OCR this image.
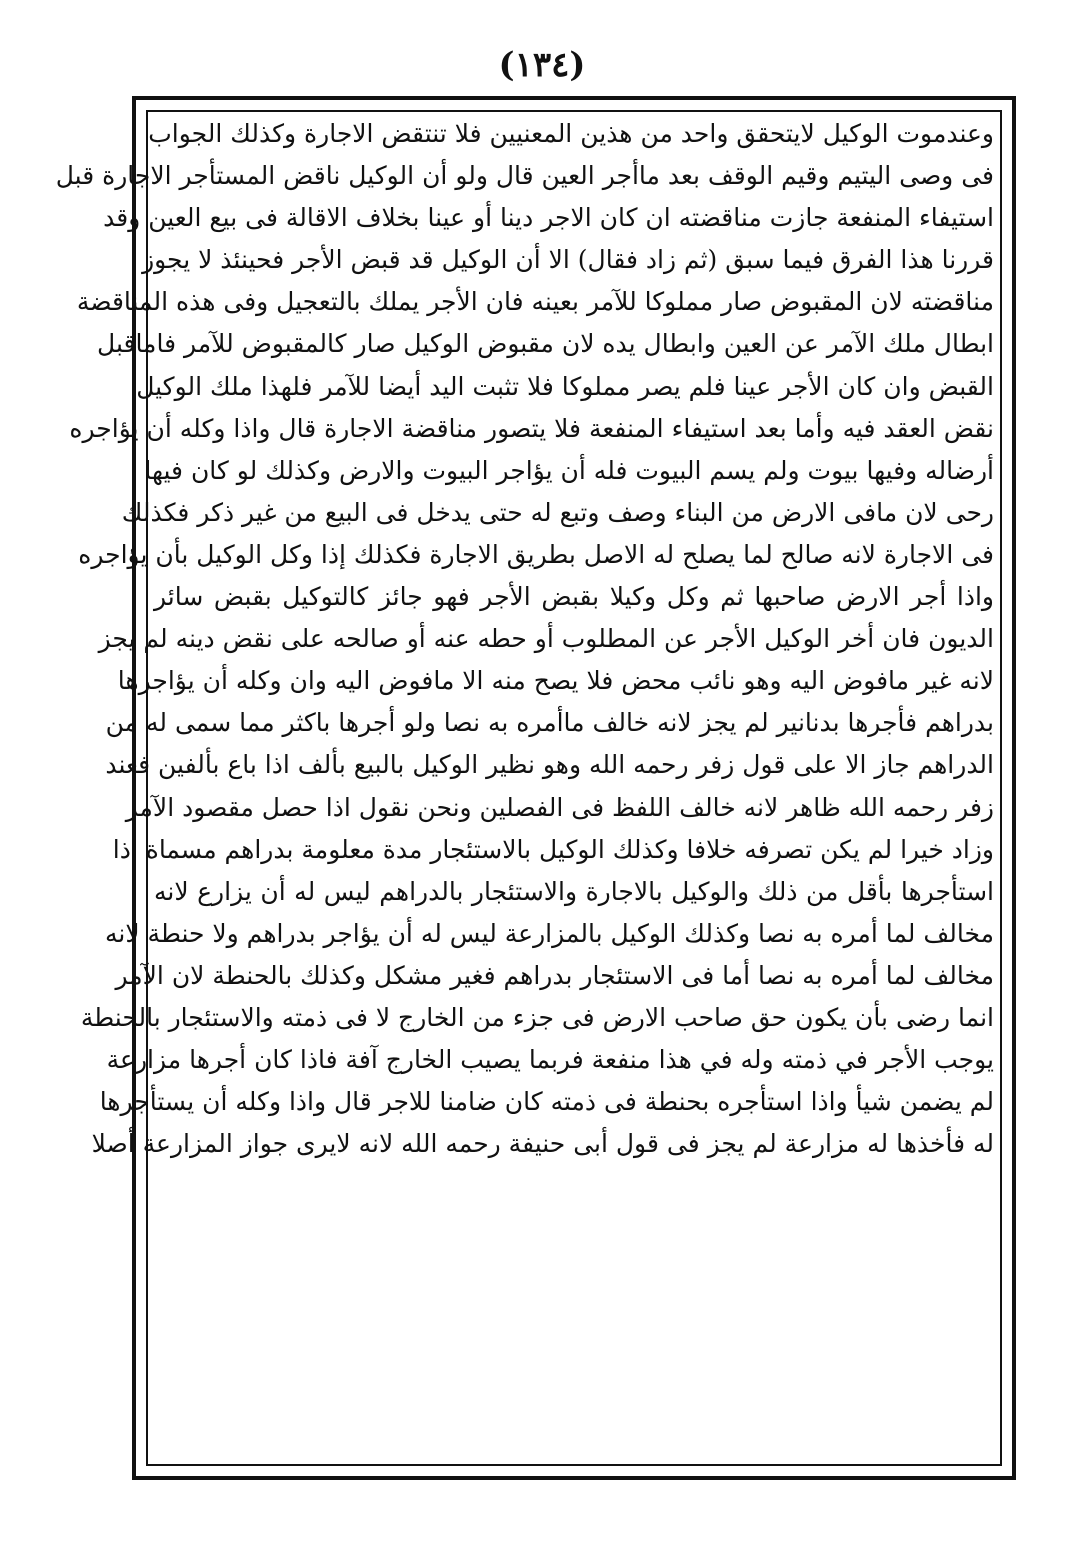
(١٣٤)
وعندموت الوكيل لايتحقق واحد من هذين المعنيين فلا تنتقض الاجارة وكذلك الجواب
فى وصى اليتيم وقيم الوقف بعد ماأجر العين قال ولو أن الوكيل ناقض المستأجر الاجارة قبل
استيفاء المنفعة جازت مناقضته ان كان الاجر دينا أو عينا بخلاف الاقالة فى بيع العين وقد
قررنا هذا الفرق فيما سبق (ثم زاد فقال) الا أن الوكيل قد قبض الأجر فحينئذ لا يجوز
مناقضته لان المقبوض صار مملوكا للآمر بعينه فان الأجر يملك بالتعجيل وفى هذه المناقضة
ابطال ملك الآمر عن العين وابطال يده لان مقبوض الوكيل صار كالمقبوض للآمر فاماقبل
القبض وان كان الأجر عينا فلم يصر مملوكا فلا تثبت اليد أيضا للآمر فلهذا ملك الوكيل
نقض العقد فيه وأما بعد استيفاء المنفعة فلا يتصور مناقضة الاجارة قال واذا وكله أن يؤاجره
أرضاله وفيها بيوت ولم يسم البيوت فله أن يؤاجر البيوت والارض وكذلك لو كان فيها
رحى لان مافى الارض من البناء وصف وتبع له حتى يدخل فى البيع من غير ذكر فكذلك
فى الاجارة لانه صالح لما يصلح له الاصل بطريق الاجارة فكذلك إذا وكل الوكيل بأن يؤاجره
واذا أجر الارض صاحبها ثم وكل وكيلا بقبض الأجر فهو جائز كالتوكيل بقبض سائر
الديون فان أخر الوكيل الأجر عن المطلوب أو حطه عنه أو صالحه على نقض دينه لم يجز
لانه غير مافوض اليه وهو نائب محض فلا يصح منه الا مافوض اليه وان وكله أن يؤاجرها
بدراهم فأجرها بدنانير لم يجز لانه خالف ماأمره به نصا ولو أجرها باكثر مما سمى له من
الدراهم جاز الا على قول زفر رحمه الله وهو نظير الوكيل بالبيع بألف اذا باع بألفين فعند
زفر رحمه الله ظاهر لانه خالف اللفظ فى الفصلين ونحن نقول اذا حصل مقصود الآمر
وزاد خيرا لم يكن تصرفه خلافا وكذلك الوكيل بالاستئجار مدة معلومة بدراهم مسماة اذا
استأجرها بأقل من ذلك والوكيل بالاجارة والاستئجار بالدراهم ليس له أن يزارع لانه
مخالف لما أمره به نصا وكذلك الوكيل بالمزارعة ليس له أن يؤاجر بدراهم ولا حنطة لانه
مخالف لما أمره به نصا أما فى الاستئجار بدراهم فغير مشكل وكذلك بالحنطة لان الآمر
انما رضى بأن يكون حق صاحب الارض فى جزء من الخارج لا فى ذمته والاستئجار بالحنطة
يوجب الأجر في ذمته وله في هذا منفعة فربما يصيب الخارج آفة فاذا كان أجرها مزارعة
لم يضمن شيأ واذا استأجره بحنطة فى ذمته كان ضامنا للاجر قال واذا وكله أن يستأجرها
له فأخذها له مزارعة لم يجز فى قول أبى حنيفة رحمه الله لانه لايرى جواز المزارعة أصلا
